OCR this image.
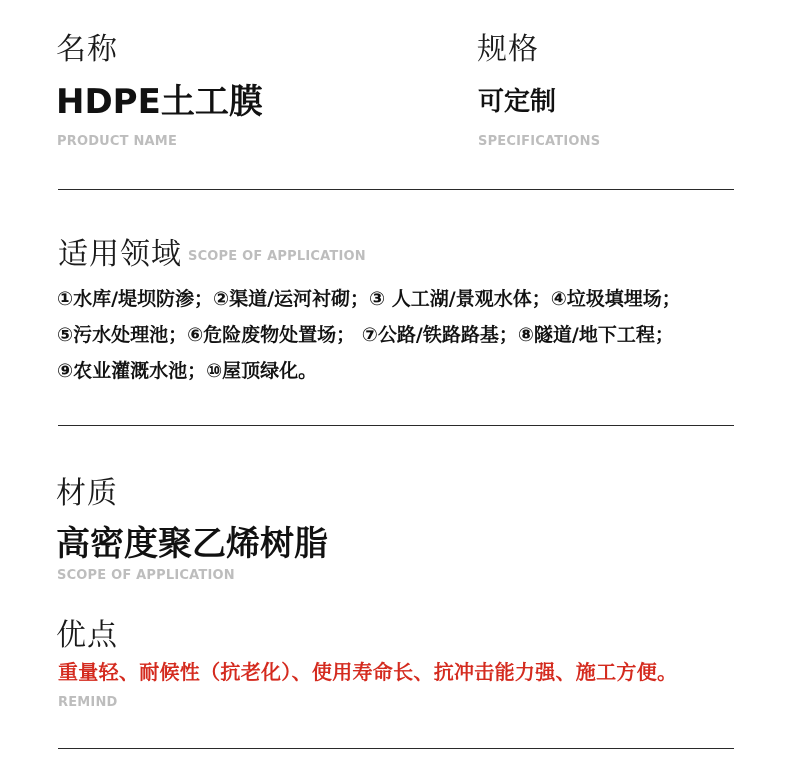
名称

HDPE土工膜

PRODUCT NAME

规格

可定制

SPECIFICATIONS

适用领域 SCOPE OF APPLICATION

①水库/堤坝防渗；②渠道/运河衬砌；③ 人工湖/景观水体；④垃圾填埋场；

⑤污水处理池；⑥危险废物处置场； ⑦公路/铁路路基；⑧隧道/地下工程；

⑨农业灌溉水池；⑩屋顶绿化。

材质

高密度聚乙烯树脂

SCOPE OF APPLICATION

优点

重量轻、耐候性（抗老化）、使用寿命长、抗冲击能力强、施工方便。

REMIND
